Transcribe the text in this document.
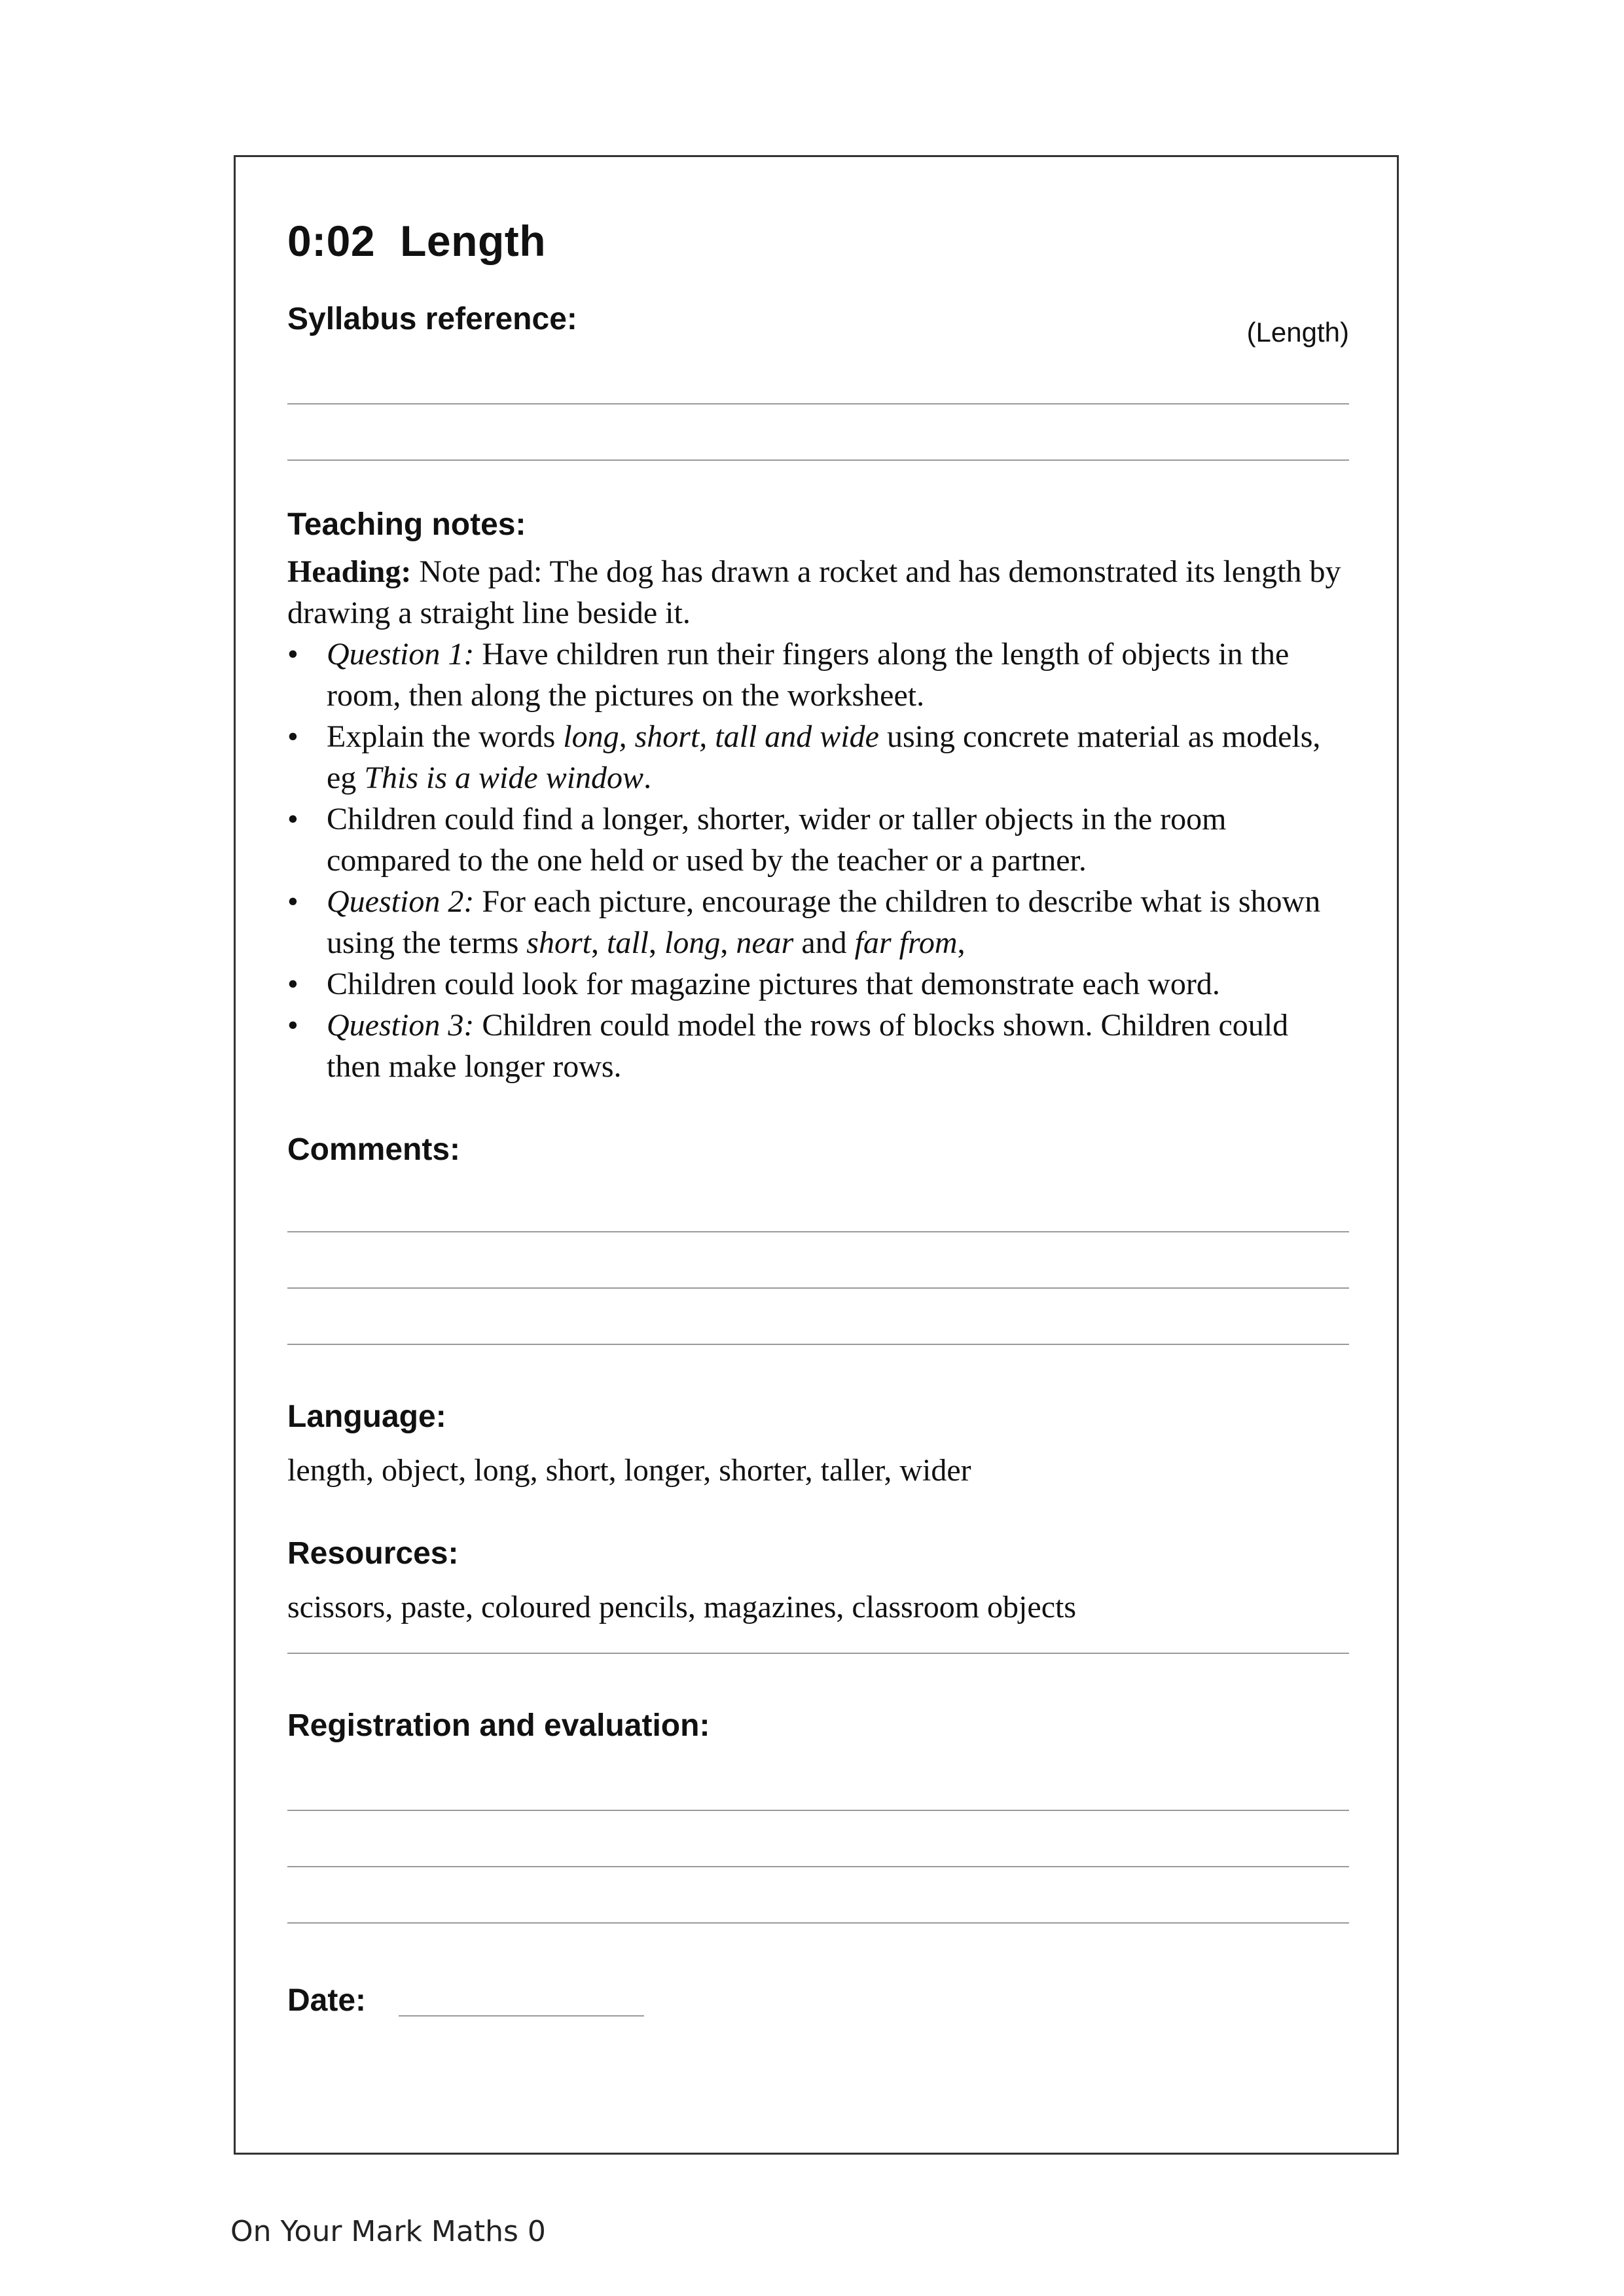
0:02 Length
(Length)
Syllabus reference:
Teaching notes:
Heading: Note pad: The dog has drawn a rocket and has demonstrated its length by drawing a straight line beside it.
• Question 1: Have children run their fingers along the length of objects in the room, then along the pictures on the worksheet.
• Explain the words long, short, tall and wide using concrete material as models, eg This is a wide window.
• Children could find a longer, shorter, wider or taller objects in the room compared to the one held or used by the teacher or a partner.
• Question 2: For each picture, encourage the children to describe what is shown using the terms short, tall, long, near and far from,
• Children could look for magazine pictures that demonstrate each word.
• Question 3: Children could model the rows of blocks shown. Children could then make longer rows.
Comments:
Language:
length, object, long, short, longer, shorter, taller, wider
Resources:
scissors, paste, coloured pencils, magazines, classroom objects
Registration and evaluation:
Date:
On Your Mark Maths 0
